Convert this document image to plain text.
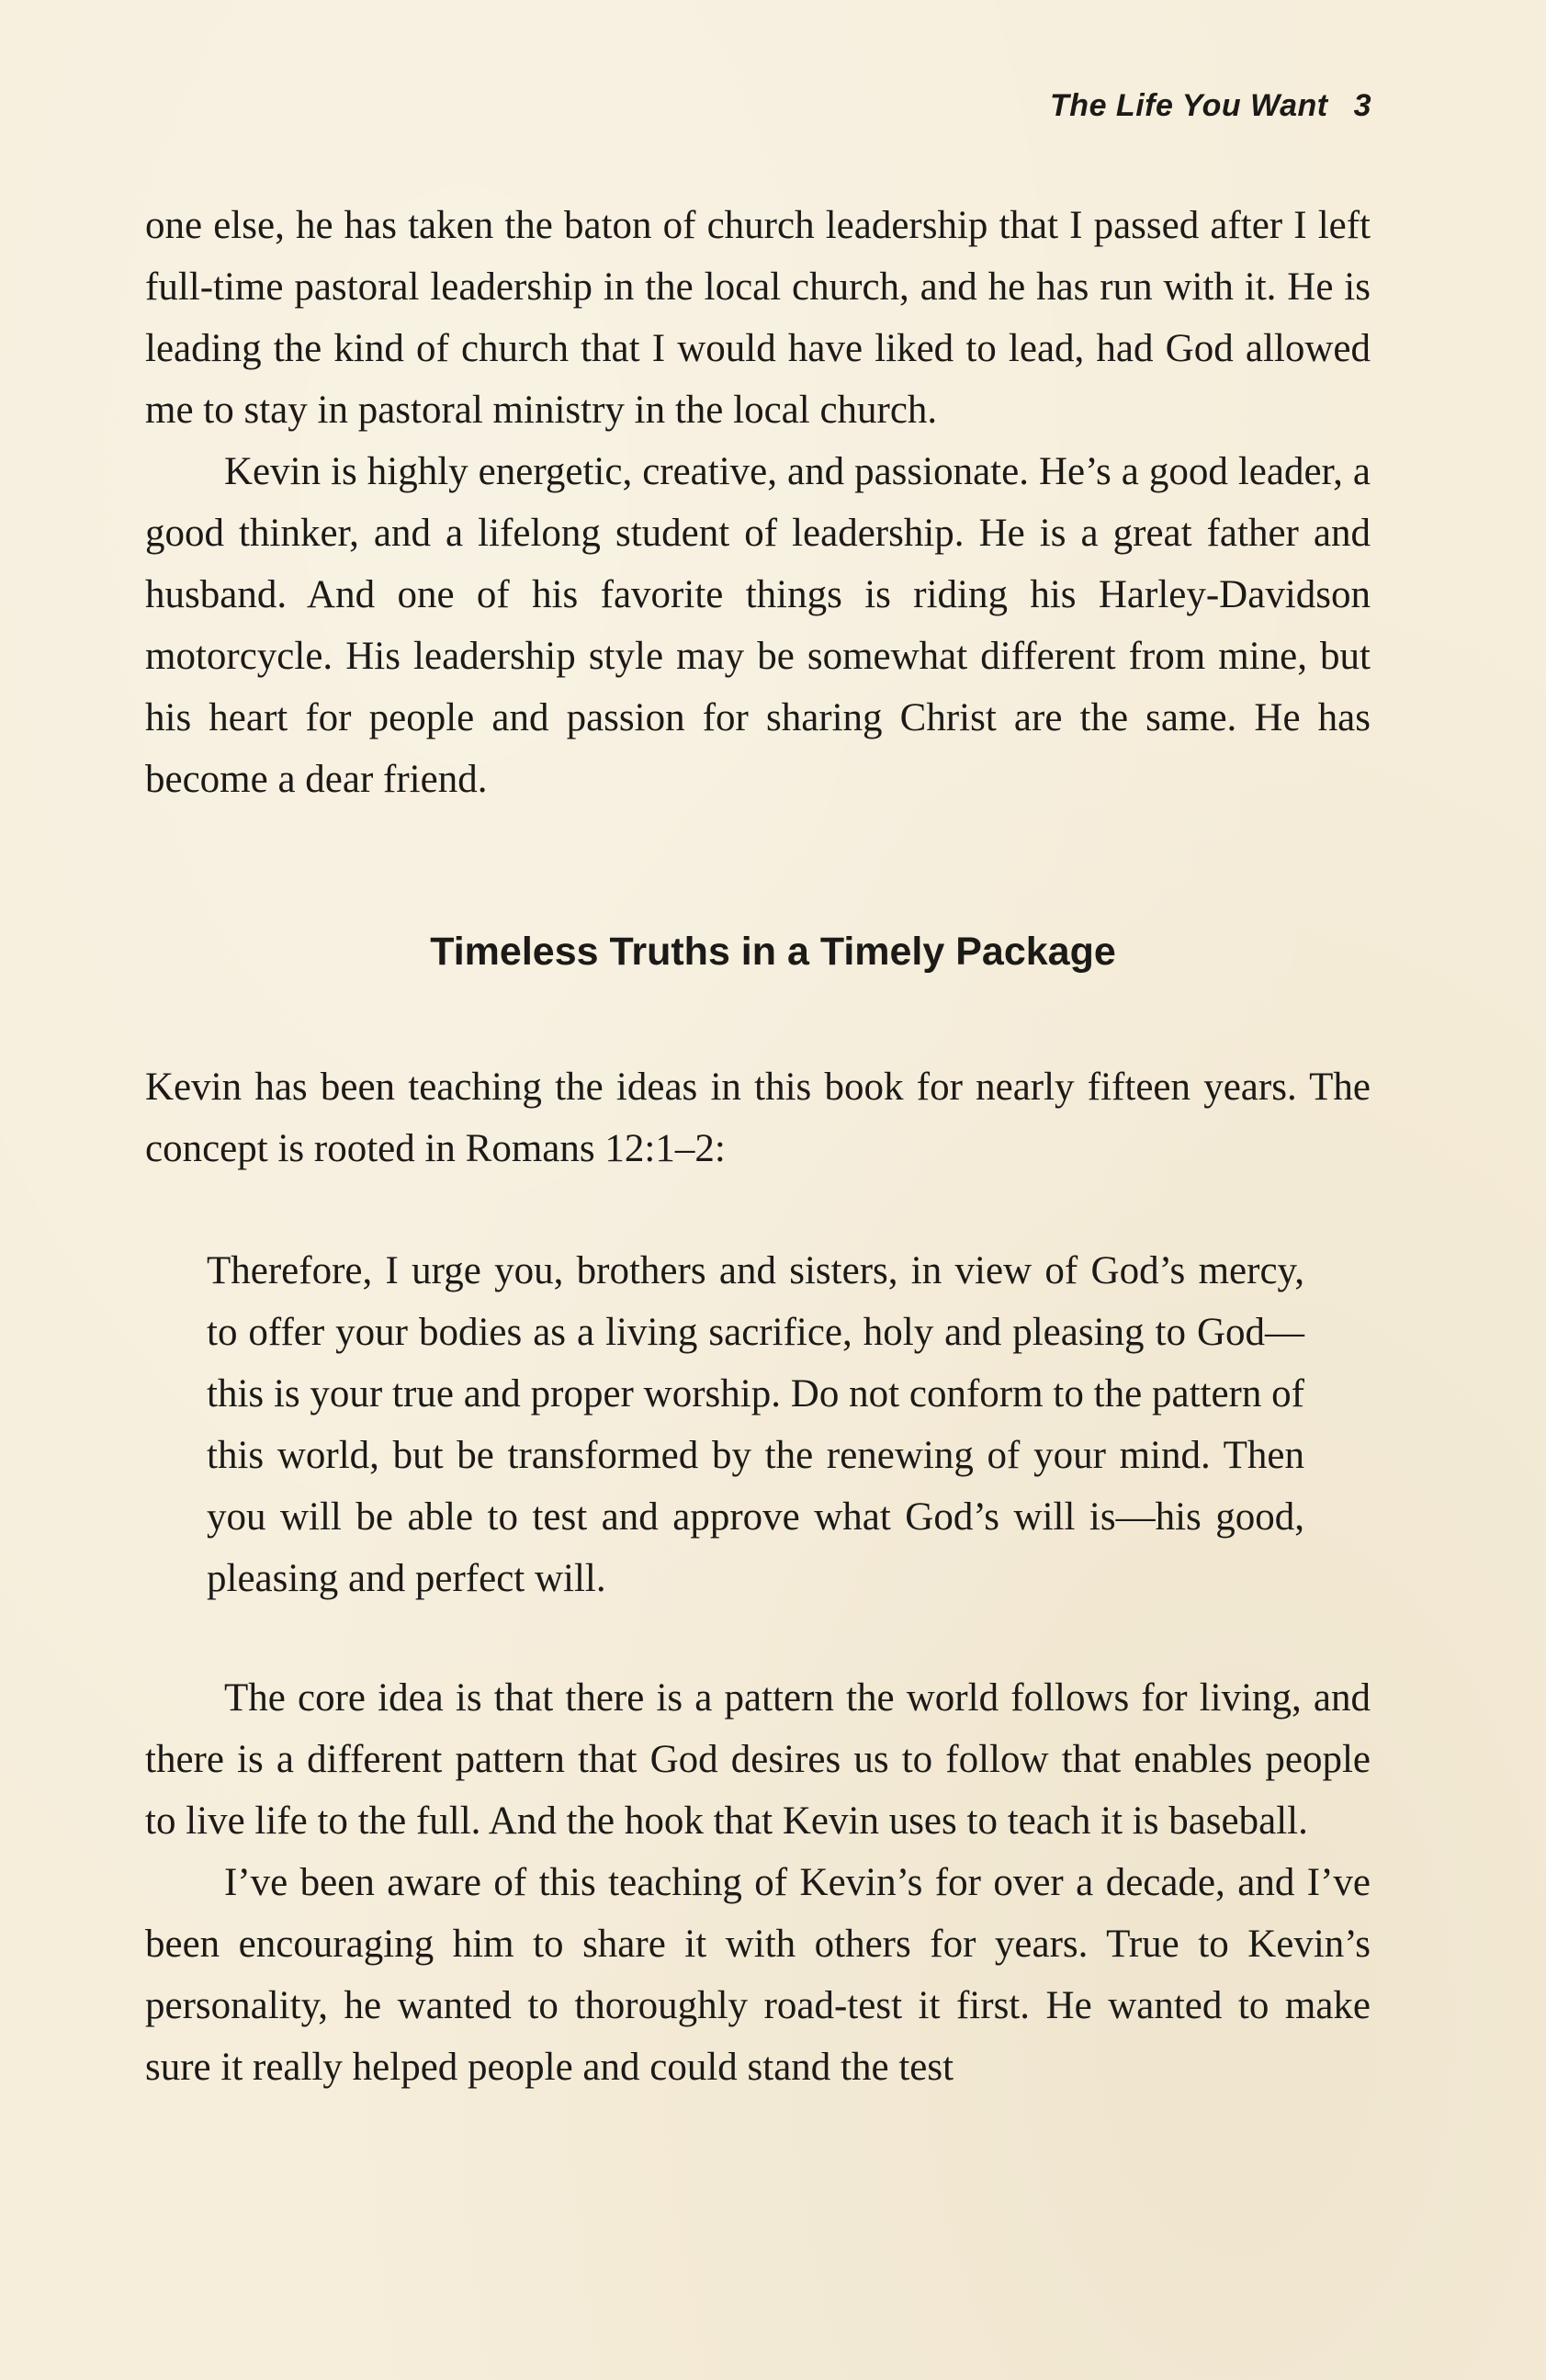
The Life You Want 3

one else, he has taken the baton of church leadership that I passed after I left full-time pastoral leadership in the local church, and he has run with it. He is leading the kind of church that I would have liked to lead, had God allowed me to stay in pastoral ministry in the local church.

Kevin is highly energetic, creative, and passionate. He’s a good leader, a good thinker, and a lifelong student of leadership. He is a great father and husband. And one of his favorite things is riding his Harley-Davidson motorcycle. His leadership style may be somewhat different from mine, but his heart for people and passion for sharing Christ are the same. He has become a dear friend.

Timeless Truths in a Timely Package

Kevin has been teaching the ideas in this book for nearly fifteen years. The concept is rooted in Romans 12:1–2:

Therefore, I urge you, brothers and sisters, in view of God’s mercy, to offer your bodies as a living sacrifice, holy and pleasing to God—this is your true and proper worship. Do not conform to the pattern of this world, but be transformed by the renewing of your mind. Then you will be able to test and approve what God’s will is—his good, pleasing and perfect will.

The core idea is that there is a pattern the world follows for living, and there is a different pattern that God desires us to follow that enables people to live life to the full. And the hook that Kevin uses to teach it is baseball.

I’ve been aware of this teaching of Kevin’s for over a decade, and I’ve been encouraging him to share it with others for years. True to Kevin’s personality, he wanted to thoroughly road-test it first. He wanted to make sure it really helped people and could stand the test
